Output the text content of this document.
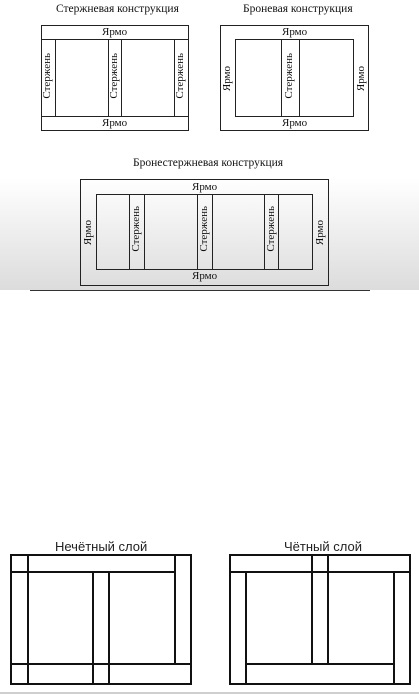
Стержневая конструкция
Ярмо
Ярмо
Стержень	Стержень	Стержень
Броневая конструкция
Ярмо
Ярмо
Ярмо	Ярмо
Стержень
Бронестержневая конструкция
Ярмо
Ярмо
Ярмо	Ярмо
Стержень	Стержень	Стержень
Нечётный слой	Чётный слой
